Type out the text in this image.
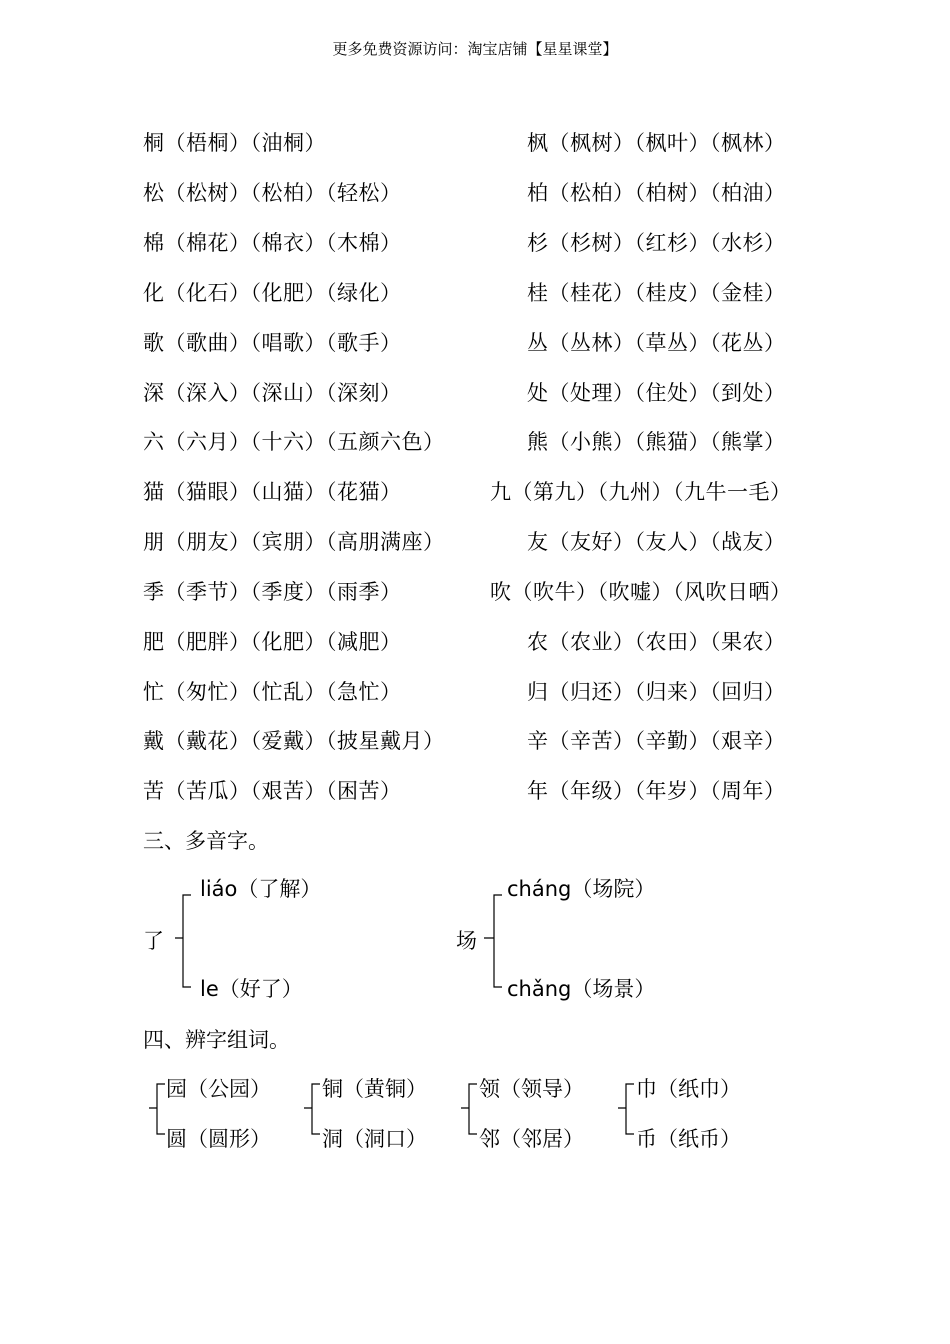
更多免费资源访问：淘宝店铺【星星课堂】
桐（梧桐）（油桐）	枫（枫树）（枫叶）（枫林）
松（松树）（松柏）（轻松）	柏（松柏）（柏树）（柏油）
棉（棉花）（棉衣）（木棉）	杉（杉树）（红杉）（水杉）
化（化石）（化肥）（绿化）	桂（桂花）（桂皮）（金桂）
歌（歌曲）（唱歌）（歌手）	丛（丛林）（草丛）（花丛）
深（深入）（深山）（深刻）	处（处理）（住处）（到处）
六（六月）（十六）（五颜六色）	熊（小熊）（熊猫）（熊掌）
猫（猫眼）（山猫）（花猫）	九（第九）（九州）（九牛一毛）
朋（朋友）（宾朋）（高朋满座）	友（友好）（友人）（战友）
季（季节）（季度）（雨季）	吹（吹牛）（吹嘘）（风吹日晒）
肥（肥胖）（化肥）（减肥）	农（农业）（农田）（果农）
忙（匆忙）（忙乱）（急忙）	归（归还）（归来）（回归）
戴（戴花）（爱戴）（披星戴月）	辛（辛苦）（辛勤）（艰辛）
苦（苦瓜）（艰苦）（困苦）	年（年级）（年岁）（周年）
三、多音字。
了
liáo（了解）
le（好了）
场
cháng（场院）
chǎng（场景）
四、辨字组词。
园（公园）
圆（圆形）
铜（黄铜）
洞（洞口）
领（领导）
邻（邻居）
巾（纸巾）
币（纸币）
